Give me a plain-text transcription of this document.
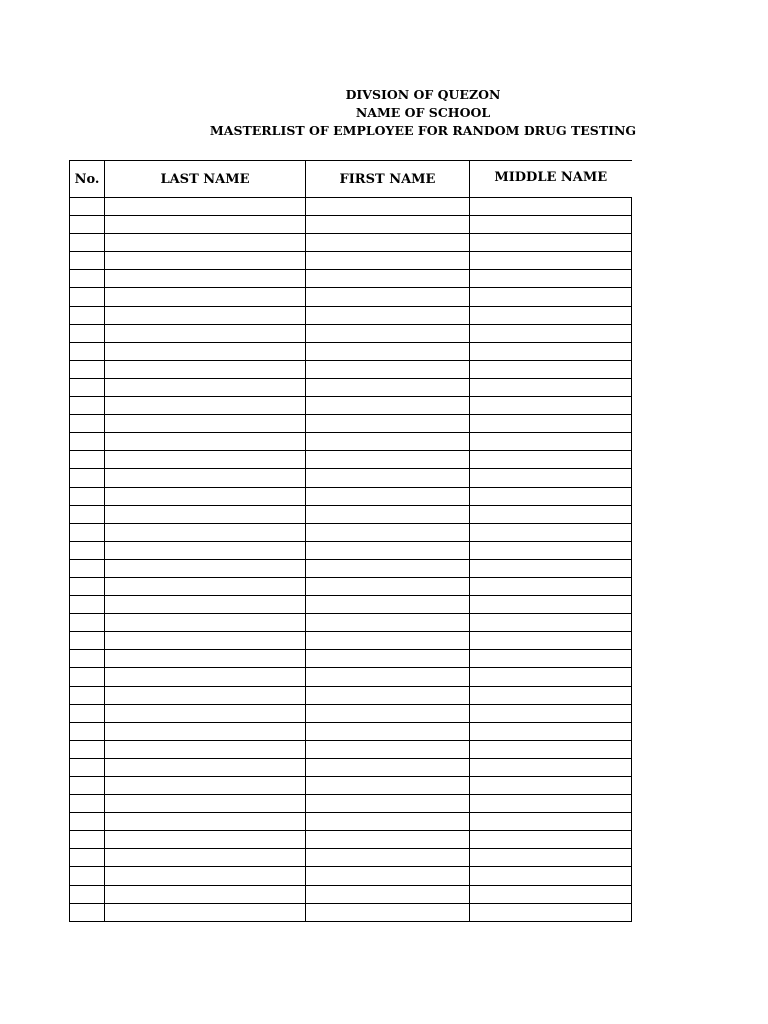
DIVSION OF QUEZON
NAME OF SCHOOL
MASTERLIST OF EMPLOYEE FOR RANDOM DRUG TESTING
No.	LAST NAME	FIRST NAME	MIDDLE NAME
